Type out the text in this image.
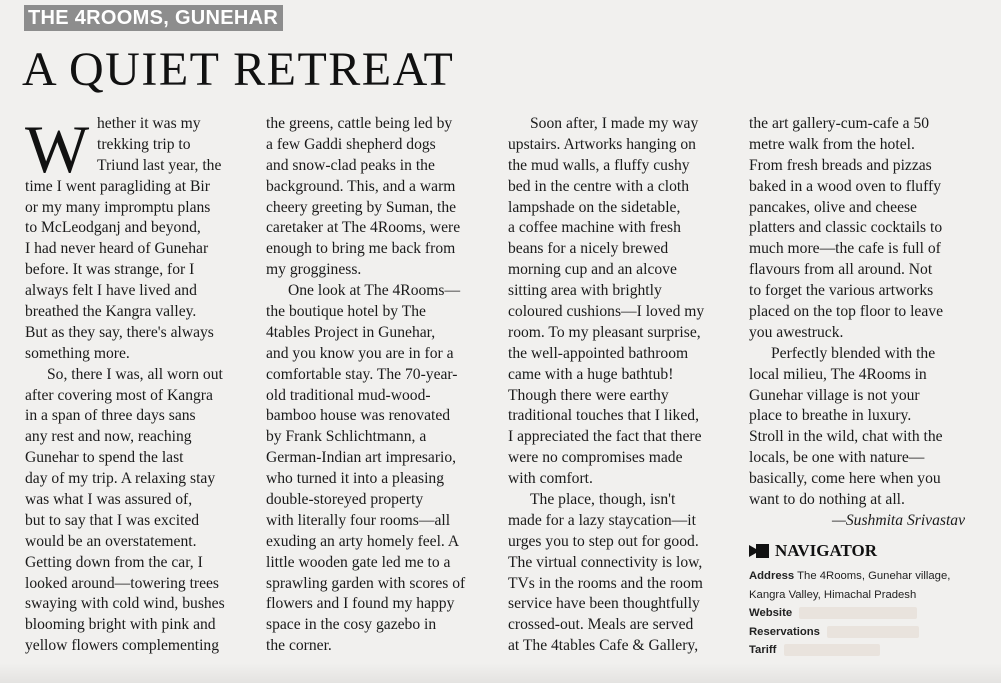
THE 4ROOMS, GUNEHAR
A QUIET RETREAT
W hether it was my
trekking trip to
Triund last year, the
time I went paragliding at Bir
or my many impromptu plans
to McLeodganj and beyond,
I had never heard of Gunehar
before. It was strange, for I
always felt I have lived and
breathed the Kangra valley.
But as they say, there's always
something more.
So, there I was, all worn out
after covering most of Kangra
in a span of three days sans
any rest and now, reaching
Gunehar to spend the last
day of my trip. A relaxing stay
was what I was assured of,
but to say that I was excited
would be an overstatement.
Getting down from the car, I
looked around—towering trees
swaying with cold wind, bushes
blooming bright with pink and
yellow flowers complementing
the greens, cattle being led by
a few Gaddi shepherd dogs
and snow-clad peaks in the
background. This, and a warm
cheery greeting by Suman, the
caretaker at The 4Rooms, were
enough to bring me back from
my grogginess.
One look at The 4Rooms—
the boutique hotel by The
4tables Project in Gunehar,
and you know you are in for a
comfortable stay. The 70-year-
old traditional mud-wood-
bamboo house was renovated
by Frank Schlichtmann, a
German-Indian art impresario,
who turned it into a pleasing
double-storeyed property
with literally four rooms—all
exuding an arty homely feel. A
little wooden gate led me to a
sprawling garden with scores of
flowers and I found my happy
space in the cosy gazebo in
the corner.
Soon after, I made my way
upstairs. Artworks hanging on
the mud walls, a fluffy cushy
bed in the centre with a cloth
lampshade on the sidetable,
a coffee machine with fresh
beans for a nicely brewed
morning cup and an alcove
sitting area with brightly
coloured cushions—I loved my
room. To my pleasant surprise,
the well-appointed bathroom
came with a huge bathtub!
Though there were earthy
traditional touches that I liked,
I appreciated the fact that there
were no compromises made
with comfort.
The place, though, isn't
made for a lazy staycation—it
urges you to step out for good.
The virtual connectivity is low,
TVs in the rooms and the room
service have been thoughtfully
crossed-out. Meals are served
at The 4tables Cafe & Gallery,
the art gallery-cum-cafe a 50
metre walk from the hotel.
From fresh breads and pizzas
baked in a wood oven to fluffy
pancakes, olive and cheese
platters and classic cocktails to
much more—the cafe is full of
flavours from all around. Not
to forget the various artworks
placed on the top floor to leave
you awestruck.
Perfectly blended with the
local milieu, The 4Rooms in
Gunehar village is not your
place to breathe in luxury.
Stroll in the wild, chat with the
locals, be one with nature—
basically, come here when you
want to do nothing at all.
—Sushmita Srivastav
NAVIGATOR
Address The 4Rooms, Gunehar village,
Kangra Valley, Himachal Pradesh
Website
Reservations
Tariff
